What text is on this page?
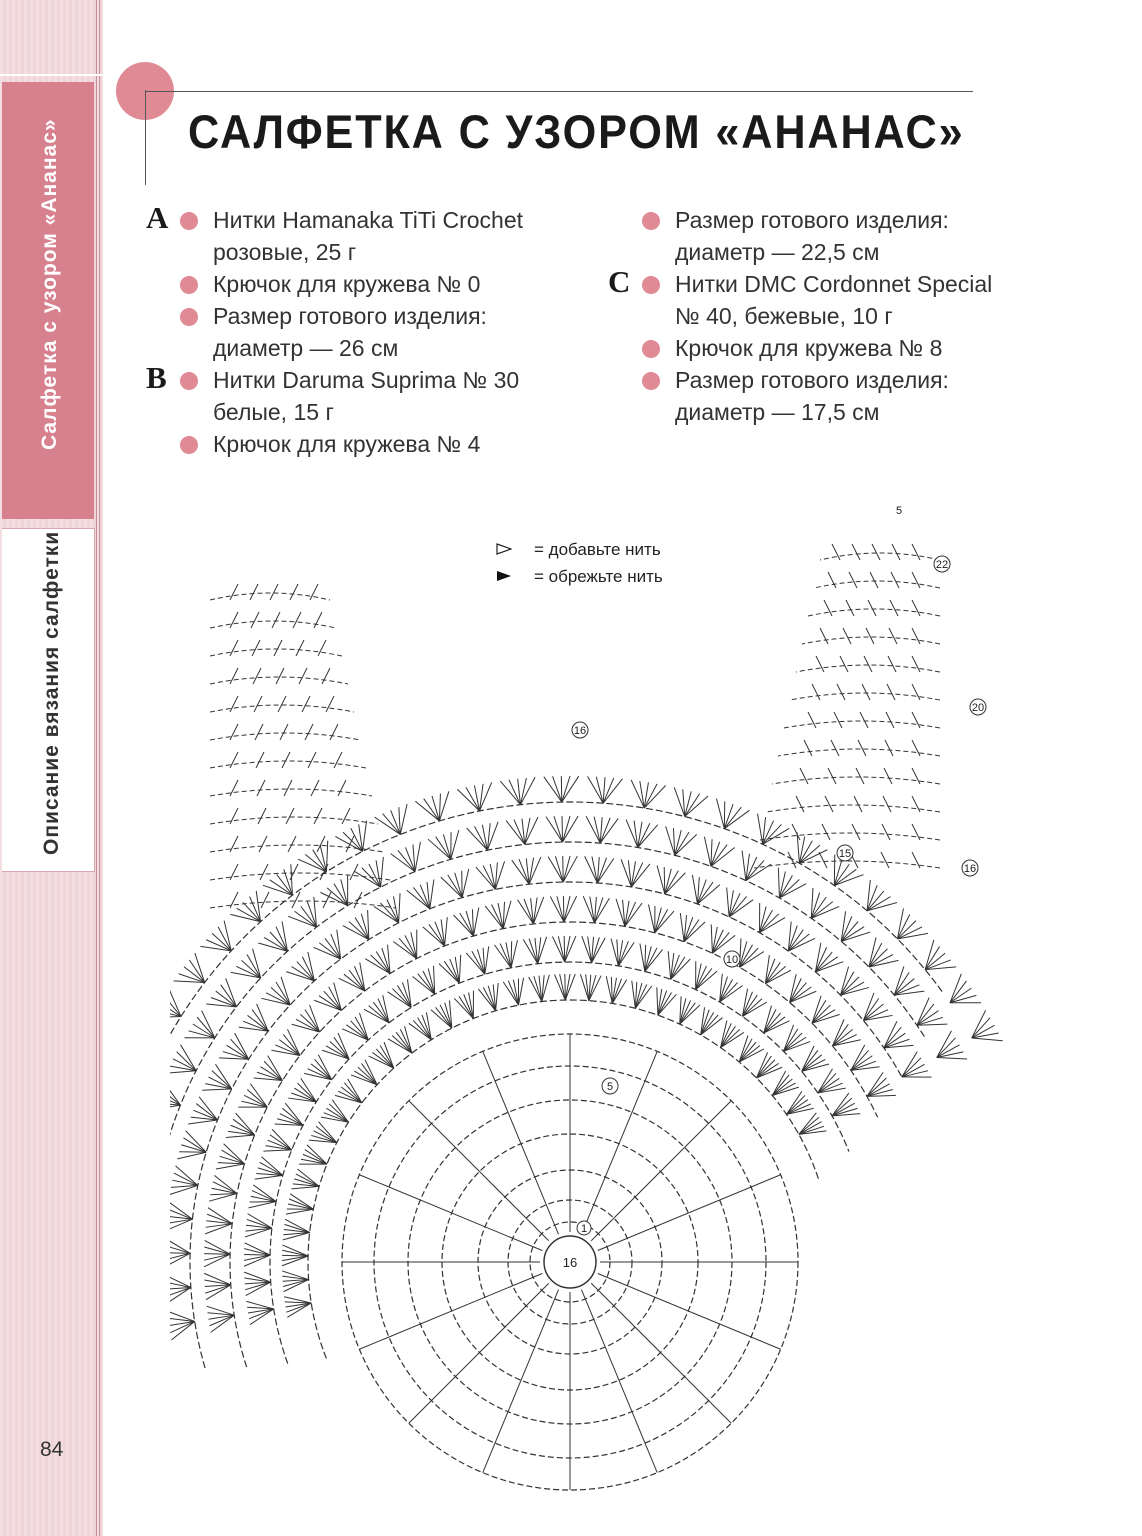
Салфетка с узором «Ананас»
Описание вязания салфетки
84
САЛФЕТКА С УЗОРОМ «АНАНАС»
A Нитки Hamanaka TiTi Crochet розовые, 25 г
Крючок для кружева № 0
Размер готового изделия: диаметр — 26 см
B Нитки Daruma Suprima № 30 белые, 15 г
Крючок для кружева № 4
Размер готового изделия: диаметр — 22,5 см
C Нитки DMC Cordonnet Special № 40, бежевые, 10 г
Крючок для кружева № 8
Размер готового изделия: диаметр — 17,5 см
16
1
5
10
15
16
16
20
22
5
= добавьте нить
= обрежьте нить
